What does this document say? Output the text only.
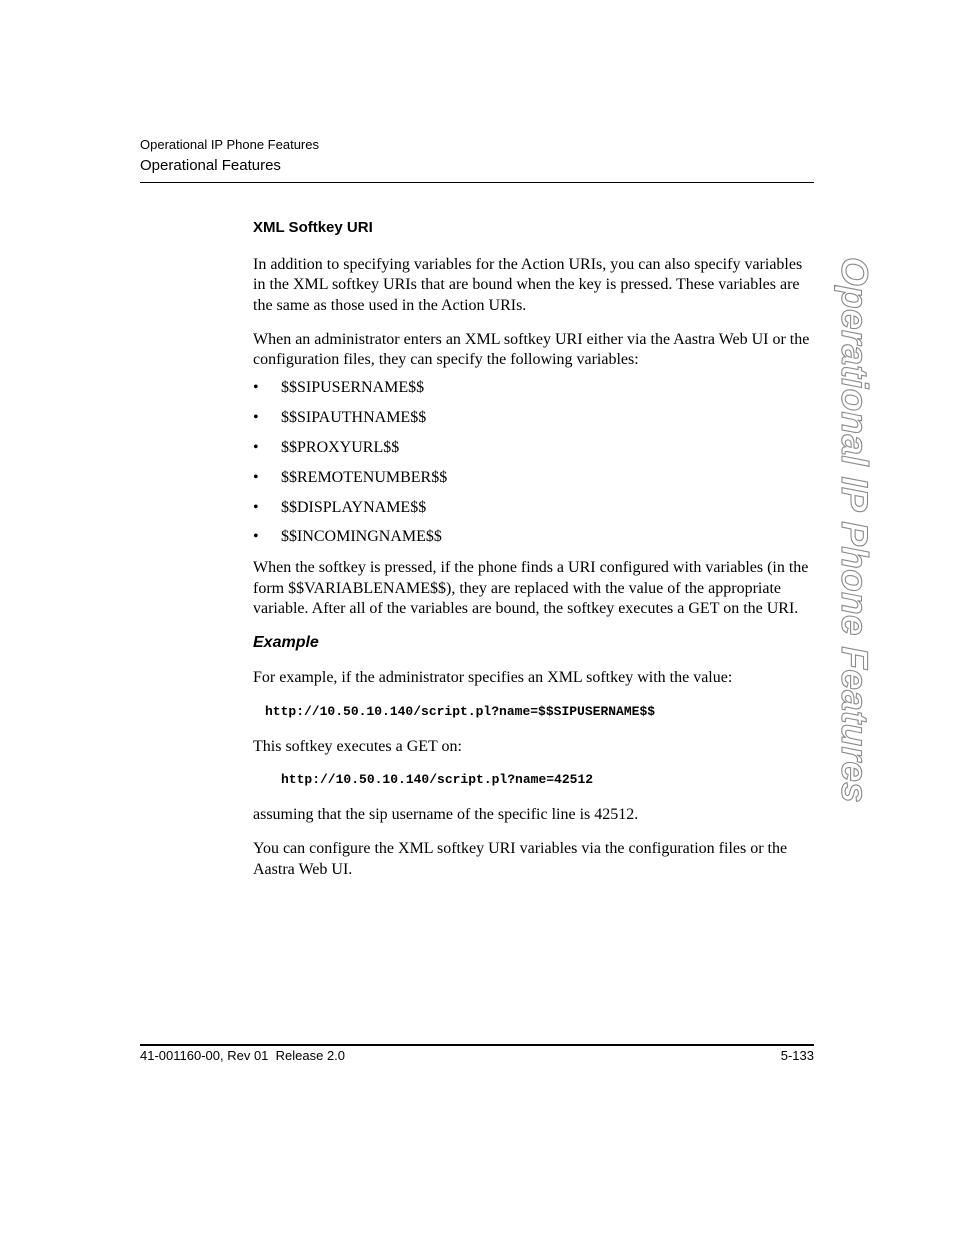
Operational IP Phone Features
Operational Features
Operational IP Phone Features
XML Softkey URI

In addition to specifying variables for the Action URIs, you can also specify variables in the XML softkey URIs that are bound when the key is pressed. These variables are the same as those used in the Action URIs.

When an administrator enters an XML softkey URI either via the Aastra Web UI or the configuration files, they can specify the following variables:

• $$SIPUSERNAME$$
• $$SIPAUTHNAME$$
• $$PROXYURL$$
• $$REMOTENUMBER$$
• $$DISPLAYNAME$$
• $$INCOMINGNAME$$

When the softkey is pressed, if the phone finds a URI configured with variables (in the form $$VARIABLENAME$$), they are replaced with the value of the appropriate variable. After all of the variables are bound, the softkey executes a GET on the URI.

Example

For example, if the administrator specifies an XML softkey with the value:

http://10.50.10.140/script.pl?name=$$SIPUSERNAME$$

This softkey executes a GET on:

http://10.50.10.140/script.pl?name=42512

assuming that the sip username of the specific line is 42512.

You can configure the XML softkey URI variables via the configuration files or the Aastra Web UI.

41-001160-00, Rev 01  Release 2.0	5-133
